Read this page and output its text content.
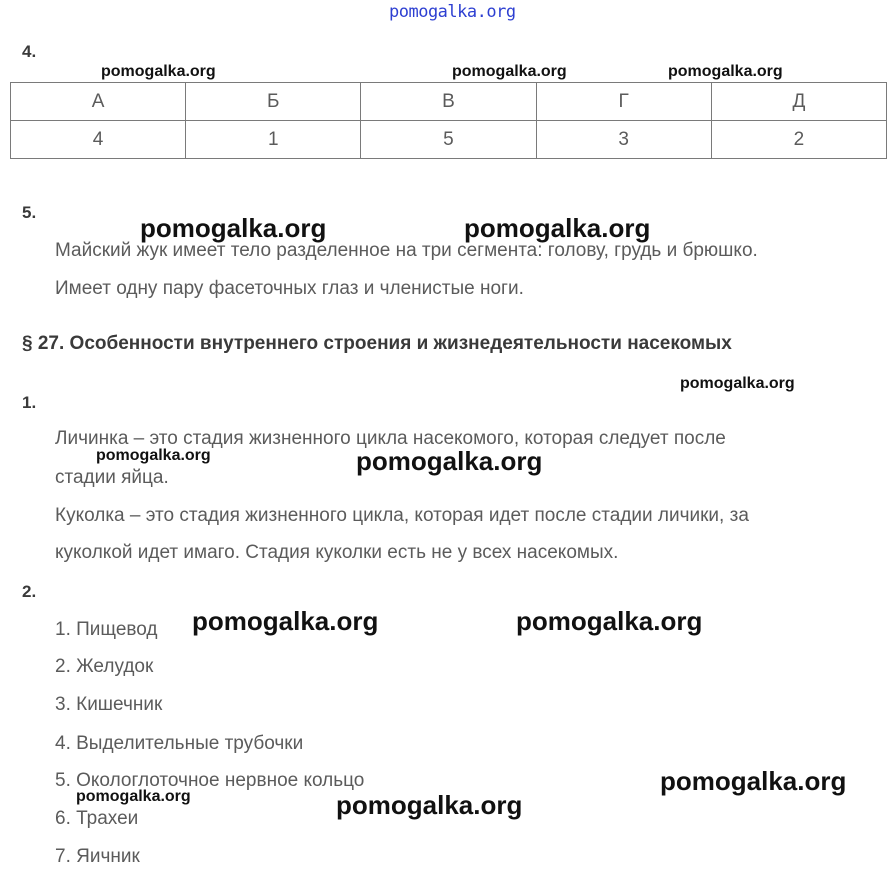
pomogalka.org
pomogalka.org	pomogalka.org	pomogalka.org
4.
А	Б	В	Г	Д
4	1	5	3	2
5.
Майский жук имеет тело разделенное на три сегмента: голову, грудь и брюшко.
Имеет одну пару фасеточных глаз и членистые ноги.
pomogalka.org	pomogalka.org
§ 27. Особенности внутреннего строения и жизнедеятельности насекомых
pomogalka.org
1.
Личинка – это стадия жизненного цикла насекомого, которая следует после
стадии яйца.
Куколка – это стадия жизненного цикла, которая идет после стадии личики, за
куколкой идет имаго. Стадия куколки есть не у всех насекомых.
pomogalka.org	pomogalka.org
2.
1. Пищевод
2. Желудок
3. Кишечник
4. Выделительные трубочки
5. Окологлоточное нервное кольцо
6. Трахеи
7. Яичник
pomogalka.org	pomogalka.org
pomogalka.org
pomogalka.org	pomogalka.org
